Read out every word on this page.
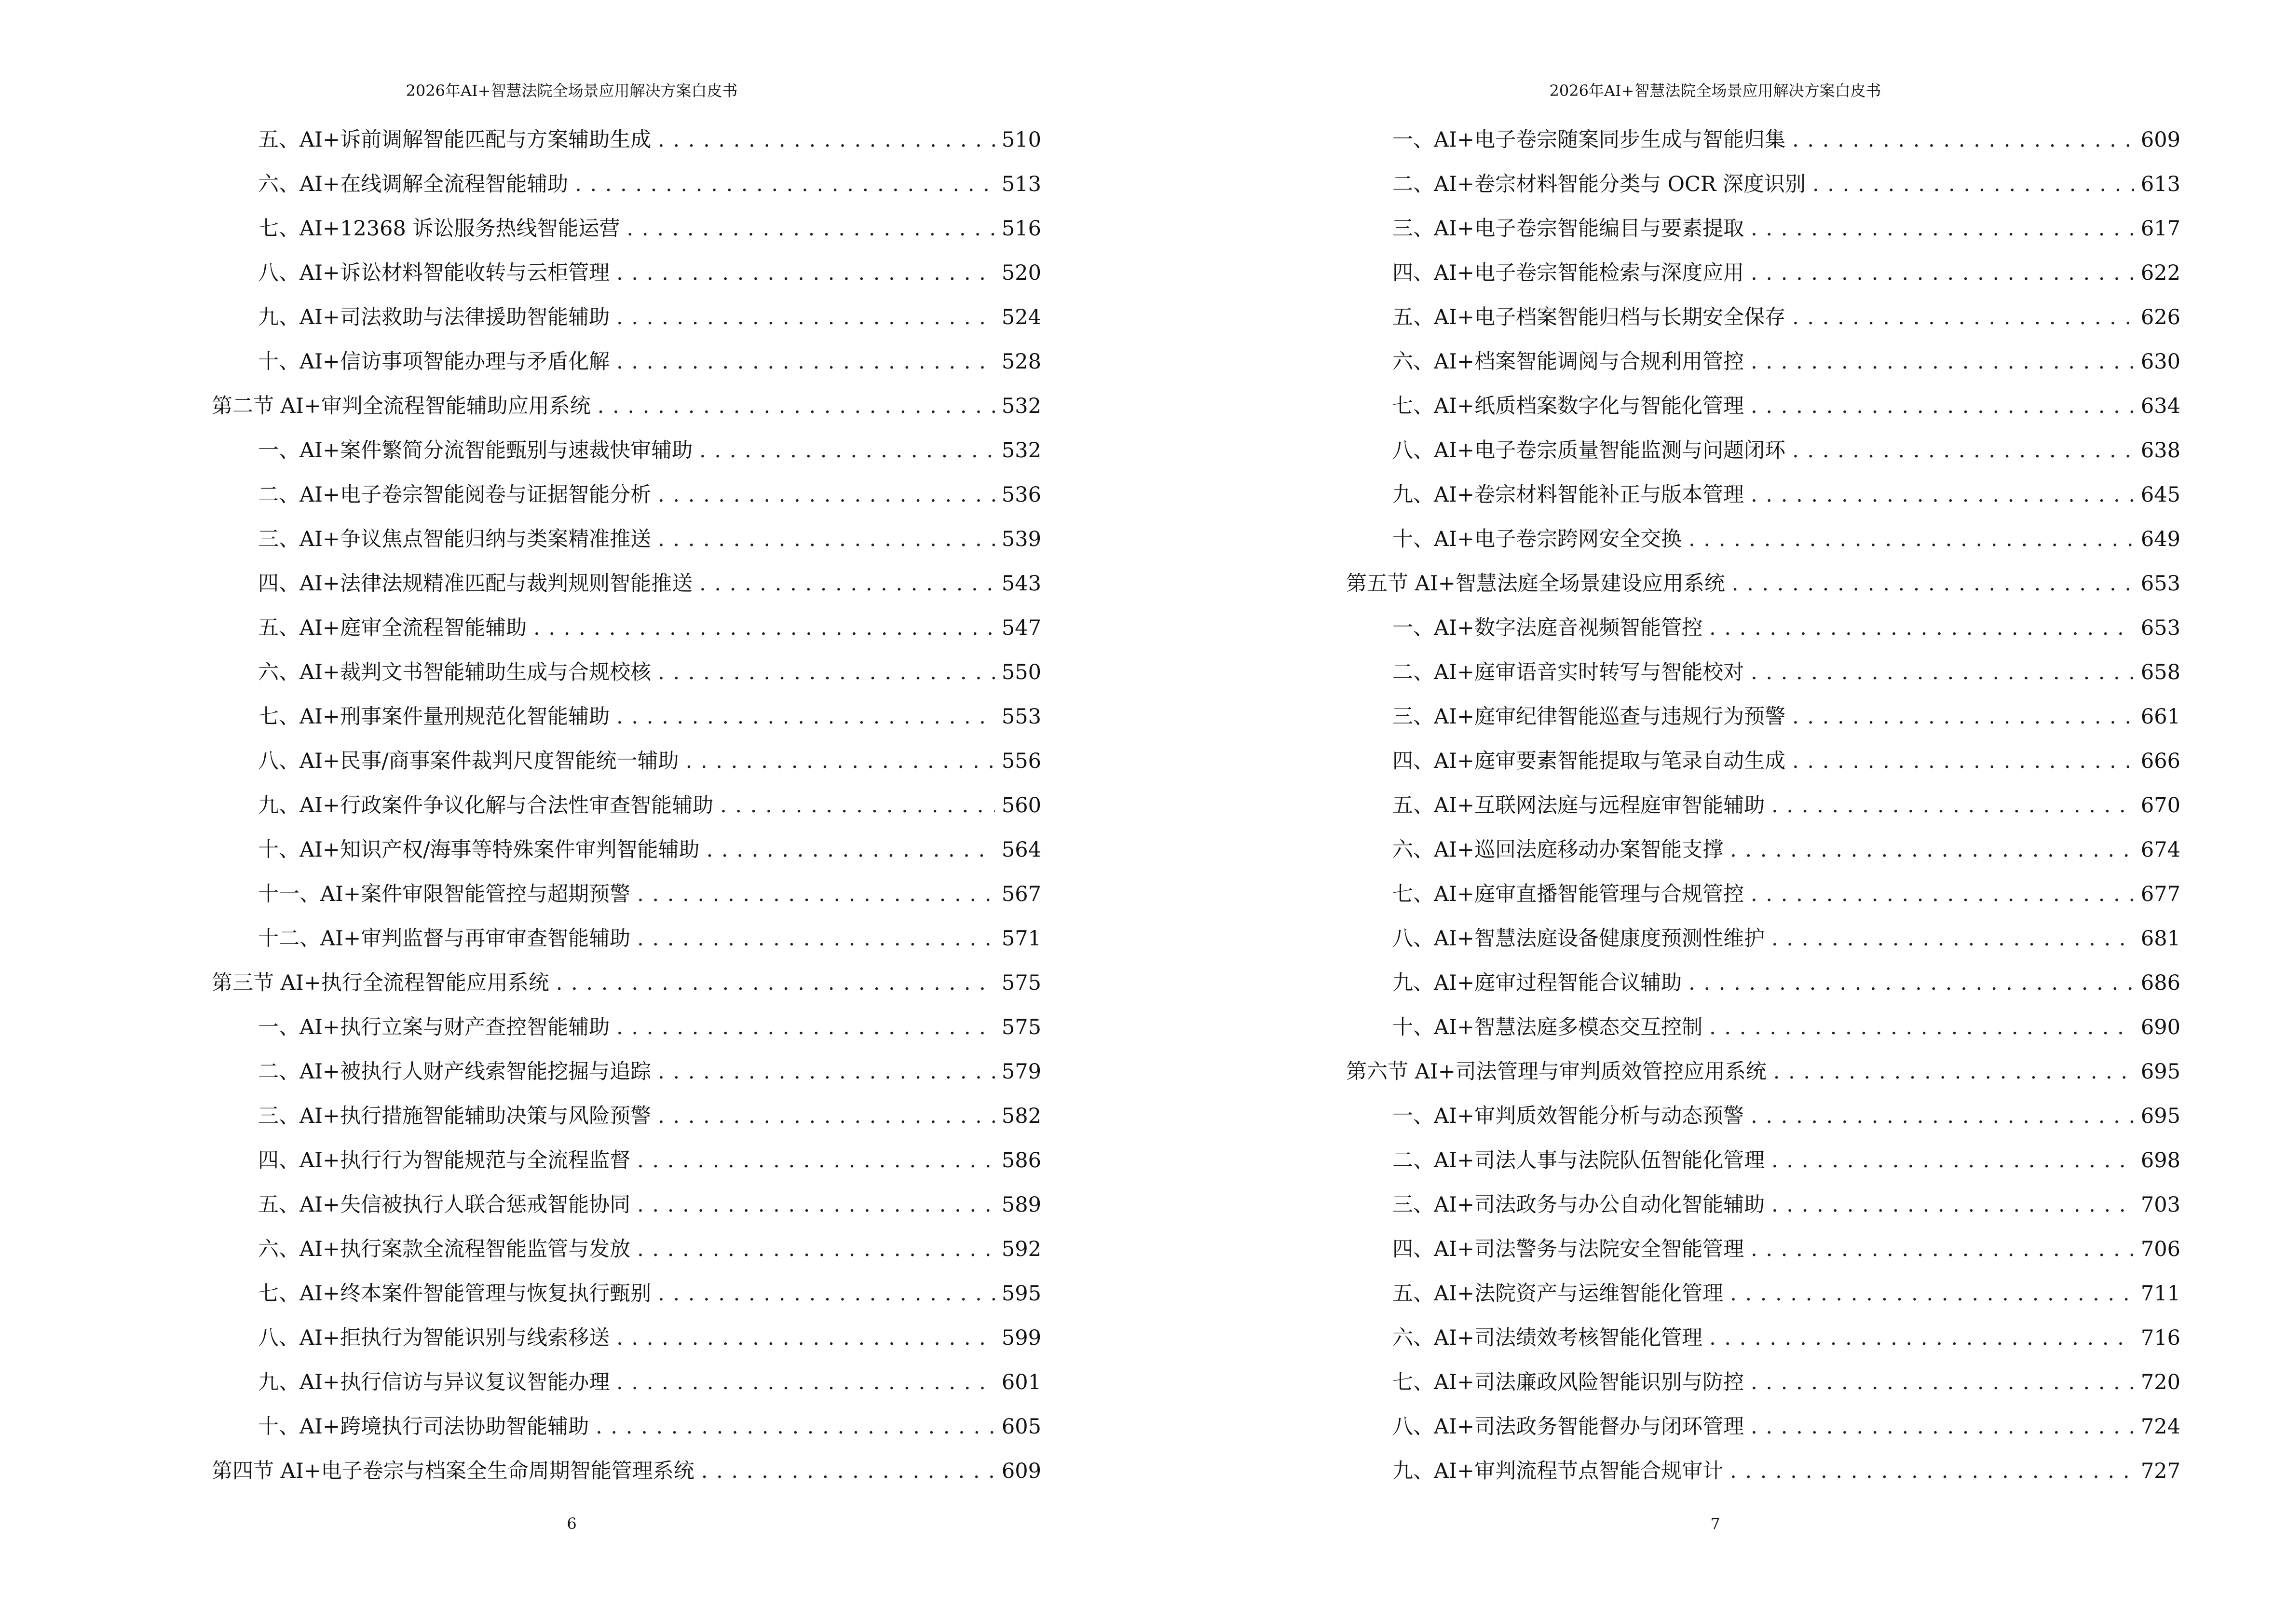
2026年AI+智慧法院全场景应用解决方案白皮书
五、AI+诉前调解智能匹配与方案辅助生成 . . .	510
六、AI+在线调解全流程智能辅助 . . .	513
七、AI+12368 诉讼服务热线智能运营 . . .	516
八、AI+诉讼材料智能收转与云柜管理 . . .	520
九、AI+司法救助与法律援助智能辅助 . . .	524
十、AI+信访事项智能办理与矛盾化解 . . .	528
第二节 AI+审判全流程智能辅助应用系统 . . .	532
一、AI+案件繁简分流智能甄别与速裁快审辅助 . . .	532
二、AI+电子卷宗智能阅卷与证据智能分析 . . .	536
三、AI+争议焦点智能归纳与类案精准推送 . . .	539
四、AI+法律法规精准匹配与裁判规则智能推送 . . .	543
五、AI+庭审全流程智能辅助 . . .	547
六、AI+裁判文书智能辅助生成与合规校核 . . .	550
七、AI+刑事案件量刑规范化智能辅助 . . .	553
八、AI+民事/商事案件裁判尺度智能统一辅助 . . .	556
九、AI+行政案件争议化解与合法性审查智能辅助 . . .	560
十、AI+知识产权/海事等特殊案件审判智能辅助 . . .	564
十一、AI+案件审限智能管控与超期预警 . . .	567
十二、AI+审判监督与再审审查智能辅助 . . .	571
第三节 AI+执行全流程智能应用系统 . . .	575
一、AI+执行立案与财产查控智能辅助 . . .	575
二、AI+被执行人财产线索智能挖掘与追踪 . . .	579
三、AI+执行措施智能辅助决策与风险预警 . . .	582
四、AI+执行行为智能规范与全流程监督 . . .	586
五、AI+失信被执行人联合惩戒智能协同 . . .	589
六、AI+执行案款全流程智能监管与发放 . . .	592
七、AI+终本案件智能管理与恢复执行甄别 . . .	595
八、AI+拒执行为智能识别与线索移送 . . .	599
九、AI+执行信访与异议复议智能办理 . . .	601
十、AI+跨境执行司法协助智能辅助 . . .	605
第四节 AI+电子卷宗与档案全生命周期智能管理系统 . . .	609
6
2026年AI+智慧法院全场景应用解决方案白皮书
一、AI+电子卷宗随案同步生成与智能归集 . . .	609
二、AI+卷宗材料智能分类与 OCR 深度识别 . . .	613
三、AI+电子卷宗智能编目与要素提取 . . .	617
四、AI+电子卷宗智能检索与深度应用 . . .	622
五、AI+电子档案智能归档与长期安全保存 . . .	626
六、AI+档案智能调阅与合规利用管控 . . .	630
七、AI+纸质档案数字化与智能化管理 . . .	634
八、AI+电子卷宗质量智能监测与问题闭环 . . .	638
九、AI+卷宗材料智能补正与版本管理 . . .	645
十、AI+电子卷宗跨网安全交换 . . .	649
第五节 AI+智慧法庭全场景建设应用系统 . . .	653
一、AI+数字法庭音视频智能管控 . . .	653
二、AI+庭审语音实时转写与智能校对 . . .	658
三、AI+庭审纪律智能巡查与违规行为预警 . . .	661
四、AI+庭审要素智能提取与笔录自动生成 . . .	666
五、AI+互联网法庭与远程庭审智能辅助 . . .	670
六、AI+巡回法庭移动办案智能支撑 . . .	674
七、AI+庭审直播智能管理与合规管控 . . .	677
八、AI+智慧法庭设备健康度预测性维护 . . .	681
九、AI+庭审过程智能合议辅助 . . .	686
十、AI+智慧法庭多模态交互控制 . . .	690
第六节 AI+司法管理与审判质效管控应用系统 . . .	695
一、AI+审判质效智能分析与动态预警 . . .	695
二、AI+司法人事与法院队伍智能化管理 . . .	698
三、AI+司法政务与办公自动化智能辅助 . . .	703
四、AI+司法警务与法院安全智能管理 . . .	706
五、AI+法院资产与运维智能化管理 . . .	711
六、AI+司法绩效考核智能化管理 . . .	716
七、AI+司法廉政风险智能识别与防控 . . .	720
八、AI+司法政务智能督办与闭环管理 . . .	724
九、AI+审判流程节点智能合规审计 . . .	727
7
